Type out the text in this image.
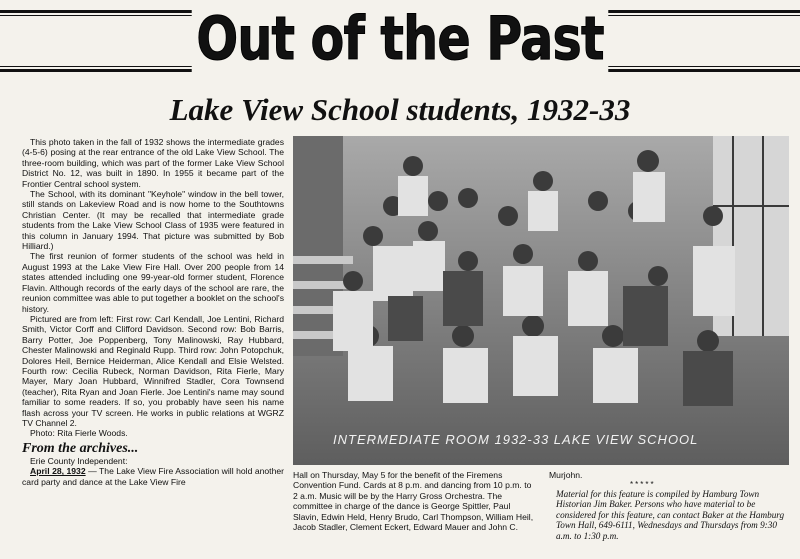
Out of the Past
Lake View School students, 1932-33

This photo taken in the fall of 1932 shows the intermediate grades (4-5-6) posing at the rear entrance of the old Lake View School. The three-room building, which was part of the former Lake View School District No. 12, was built in 1890. In 1955 it became part of the Frontier Central school system.

The School, with its dominant "Keyhole" window in the bell tower, still stands on Lakeview Road and is now home to the Southtowns Christian Center. (It may be recalled that intermediate grade students from the Lake View School Class of 1935 were featured in this column in January 1994. That picture was submitted by Bob Hilliard.)

The first reunion of former students of the school was held in August 1993 at the Lake View Fire Hall. Over 200 people from 14 states attended including one 99-year-old former student, Florence Flavin. Although records of the early days of the school are rare, the reunion committee was able to put together a booklet on the school's history.

Pictured are from left: First row: Carl Kendall, Joe Lentini, Richard Smith, Victor Corff and Clifford Davidson. Second row: Bob Barris, Barry Potter, Joe Poppenberg, Tony Malinowski, Ray Hubbard, Chester Malinowski and Reginald Rupp. Third row: John Potopchuk, Dolores Heil, Bernice Heiderman, Alice Kendall and Elsie Welsted. Fourth row: Cecilia Rubeck, Norman Davidson, Rita Fierle, Mary Mayer, Mary Joan Hubbard, Winnifred Stadler, Cora Townsend (teacher), Rita Ryan and Joan Fierle. Joe Lentini's name may sound familiar to some readers. If so, you probably have seen his name flash across your TV screen. He works in public relations at WGRZ TV Channel 2.

Photo: Rita Fierle Woods.
From the archives...

Erie County Independent:

April 28, 1932 — The Lake View Fire Association will hold another card party and dance at the Lake View Fire

INTERMEDIATE ROOM 1932-33 LAKE VIEW SCHOOL
Hall on Thursday, May 5 for the benefit of the Firemens Convention Fund. Cards at 8 p.m. and dancing from 10 p.m. to 2 a.m. Music will be by the Harry Gross Orchestra. The committee in charge of the dance is George Spittler, Paul Slavin, Edwin Held, Henry Brudo, Carl Thompson, William Heil, Jacob Stadler, Clement Eckert, Edward Mauer and John C.
Murjohn.
*****
Material for this feature is compiled by Hamburg Town Historian Jim Baker. Persons who have material to be considered for this feature, can contact Baker at the Hamburg Town Hall, 649-6111, Wednesdays and Thursdays from 9:30 a.m. to 1:30 p.m.
